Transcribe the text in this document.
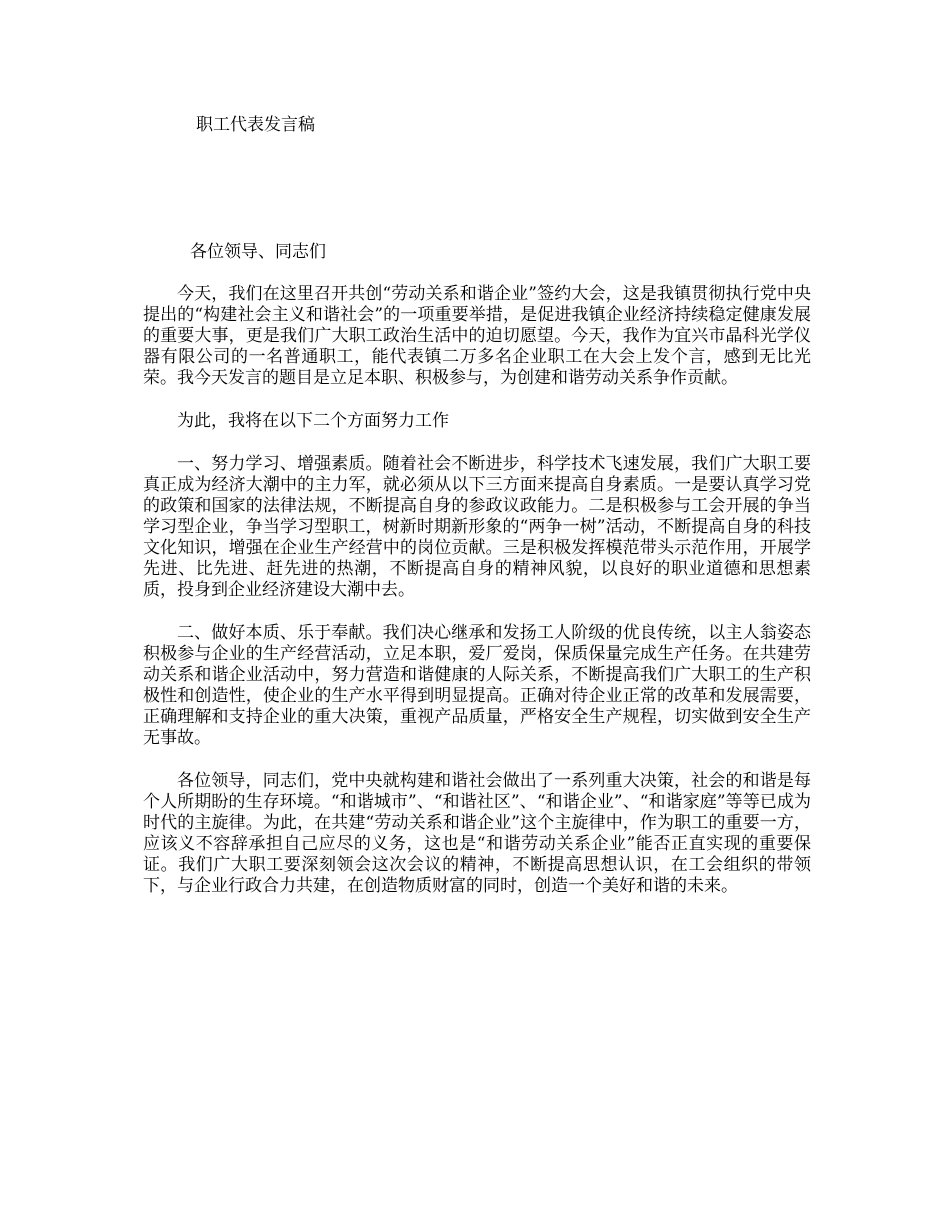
职工代表发言稿
各位领导、同志们

今天，我们在这里召开共创“劳动关系和谐企业”签约大会，这是我镇贯彻执行党中央提出的“构建社会主义和谐社会”的一项重要举措，是促进我镇企业经济持续稳定健康发展的重要大事，更是我们广大职工政治生活中的迫切愿望。今天，我作为宜兴市晶科光学仪器有限公司的一名普通职工，能代表镇二万多名企业职工在大会上发个言，感到无比光荣。我今天发言的题目是立足本职、积极参与，为创建和谐劳动关系争作贡献。

为此，我将在以下二个方面努力工作

一、努力学习、增强素质。随着社会不断进步，科学技术飞速发展，我们广大职工要真正成为经济大潮中的主力军，就必须从以下三方面来提高自身素质。一是要认真学习党的政策和国家的法律法规，不断提高自身的参政议政能力。二是积极参与工会开展的争当学习型企业，争当学习型职工，树新时期新形象的“两争一树”活动，不断提高自身的科技文化知识，增强在企业生产经营中的岗位贡献。三是积极发挥模范带头示范作用，开展学先进、比先进、赶先进的热潮，不断提高自身的精神风貌，以良好的职业道德和思想素质，投身到企业经济建设大潮中去。

二、做好本质、乐于奉献。我们决心继承和发扬工人阶级的优良传统，以主人翁姿态积极参与企业的生产经营活动，立足本职，爱厂爱岗，保质保量完成生产任务。在共建劳动关系和谐企业活动中，努力营造和谐健康的人际关系，不断提高我们广大职工的生产积极性和创造性，使企业的生产水平得到明显提高。正确对待企业正常的改革和发展需要，正确理解和支持企业的重大决策，重视产品质量，严格安全生产规程，切实做到安全生产无事故。

各位领导，同志们，党中央就构建和谐社会做出了一系列重大决策，社会的和谐是每个人所期盼的生存环境。“和谐城市”、“和谐社区”、“和谐企业”、“和谐家庭”等等已成为时代的主旋律。为此，在共建“劳动关系和谐企业”这个主旋律中，作为职工的重要一方，应该义不容辞承担自己应尽的义务，这也是“和谐劳动关系企业”能否正直实现的重要保证。我们广大职工要深刻领会这次会议的精神，不断提高思想认识，在工会组织的带领下，与企业行政合力共建，在创造物质财富的同时，创造一个美好和谐的未来。
